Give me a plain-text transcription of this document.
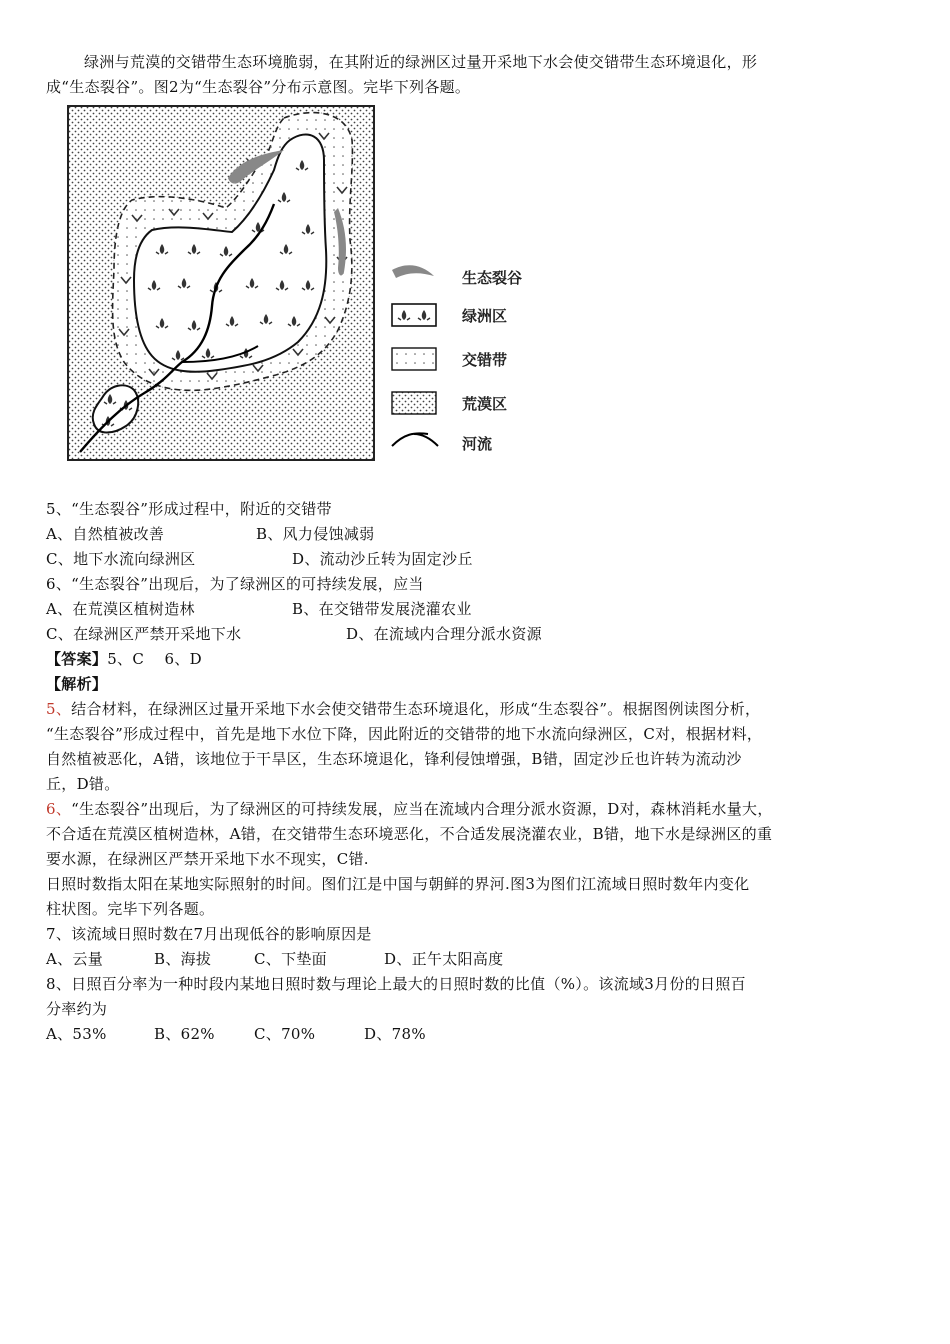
绿洲与荒漠的交错带生态环境脆弱，在其附近的绿洲区过量开采地下水会使交错带生态环境退化，形
成“生态裂谷”。图2为“生态裂谷”分布示意图。完毕下列各题。
生态裂谷
绿洲区
交错带
荒漠区
河流
5、“生态裂谷”形成过程中，附近的交错带
A、自然植被改善	B、风力侵蚀减弱
C、地下水流向绿洲区	D、流动沙丘转为固定沙丘
6、“生态裂谷”出现后，为了绿洲区的可持续发展，应当
A、在荒漠区植树造林	B、在交错带发展浇灌农业
C、在绿洲区严禁开采地下水	D、在流域内合理分派水资源
【答案】5、C　 6、D
【解析】
5、结合材料，在绿洲区过量开采地下水会使交错带生态环境退化，形成“生态裂谷”。根据图例读图分析，
“生态裂谷”形成过程中，首先是地下水位下降，因此附近的交错带的地下水流向绿洲区，C对，根据材料，
自然植被恶化，A错，该地位于干旱区，生态环境退化，锋利侵蚀增强，B错，固定沙丘也许转为流动沙
丘，D错。
6、“生态裂谷”出现后，为了绿洲区的可持续发展，应当在流域内合理分派水资源，D对，森林消耗水量大，
不合适在荒漠区植树造林，A错，在交错带生态环境恶化，不合适发展浇灌农业，B错，地下水是绿洲区的重
要水源，在绿洲区严禁开采地下水不现实，C错.
日照时数指太阳在某地实际照射的时间。图们江是中国与朝鲜的界河.图3为图们江流域日照时数年内变化
柱状图。完毕下列各题。
7、该流域日照时数在7月出现低谷的影响原因是
A、云量	B、海拔	C、下垫面	D、正午太阳高度
8、日照百分率为一种时段内某地日照时数与理论上最大的日照时数的比值（%）。该流域3月份的日照百
分率约为
A、53%	B、62%	C、70%	D、78%
